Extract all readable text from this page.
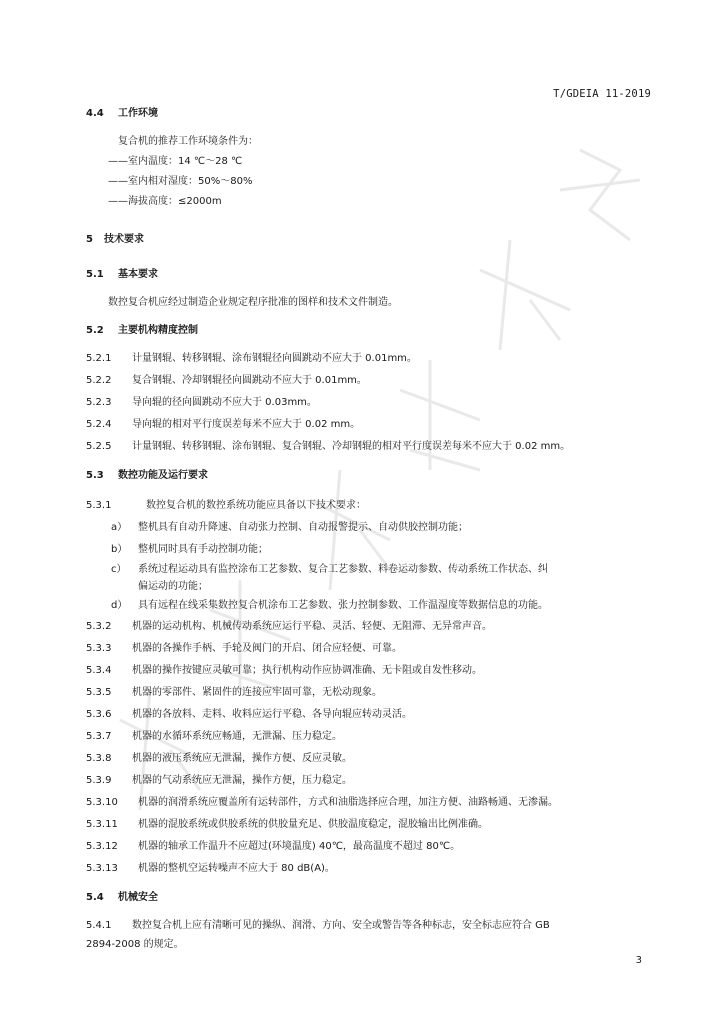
T/GDEIA 11-2019
4.4 工作环境
复合机的推荐工作环境条件为：
——室内温度：14 ℃～28 ℃
——室内相对湿度：50%～80%
——海拔高度：≤2000m
5 技术要求
5.1 基本要求
数控复合机应经过制造企业规定程序批准的图样和技术文件制造。
5.2 主要机构精度控制
5.2.1 计量钢辊、转移钢辊、涂布钢辊径向圆跳动不应大于 0.01mm。
5.2.2 复合钢辊、冷却钢辊径向圆跳动不应大于 0.01mm。
5.2.3 导向辊的径向圆跳动不应大于 0.03mm。
5.2.4 导向辊的相对平行度误差每米不应大于 0.02 mm。
5.2.5 计量钢辊、转移钢辊、涂布钢辊、复合钢辊、冷却钢辊的相对平行度误差每米不应大于 0.02 mm。
5.3 数控功能及运行要求
5.3.1	数控复合机的数控系统功能应具备以下技术要求：
a） 整机具有自动升降速、自动张力控制、自动报警提示、自动供胶控制功能；
b） 整机同时具有手动控制功能；
c） 系统过程运动具有监控涂布工艺参数、复合工艺参数、料卷运动参数、传动系统工作状态、纠
偏运动的功能；
d） 具有远程在线采集数控复合机涂布工艺参数、张力控制参数、工作温湿度等数据信息的功能。
5.3.2 机器的运动机构、机械传动系统应运行平稳、灵活、轻便、无阻滞、无异常声音。
5.3.3 机器的各操作手柄、手轮及阀门的开启、闭合应轻便、可靠。
5.3.4 机器的操作按键应灵敏可靠；执行机构动作应协调准确、无卡阻或自发性移动。
5.3.5 机器的零部件、紧固件的连接应牢固可靠，无松动现象。
5.3.6 机器的各放料、走料、收料应运行平稳、各导向辊应转动灵活。
5.3.7 机器的水循环系统应畅通，无泄漏、压力稳定。
5.3.8 机器的液压系统应无泄漏，操作方便、反应灵敏。
5.3.9 机器的气动系统应无泄漏，操作方便，压力稳定。
5.3.10 机器的润滑系统应覆盖所有运转部件，方式和油脂选择应合理，加注方便、油路畅通、无渗漏。
5.3.11 机器的混胶系统或供胶系统的供胶量充足、供胶温度稳定，混胶输出比例准确。
5.3.12 机器的轴承工作温升不应超过(环境温度) 40℃，最高温度不超过 80℃。
5.3.13 机器的整机空运转噪声不应大于 80 dB(A)。
5.4 机械安全
5.4.1 数控复合机上应有清晰可见的操纵、润滑、方向、安全或警告等各种标志，安全标志应符合 GB
2894-2008 的规定。
3
